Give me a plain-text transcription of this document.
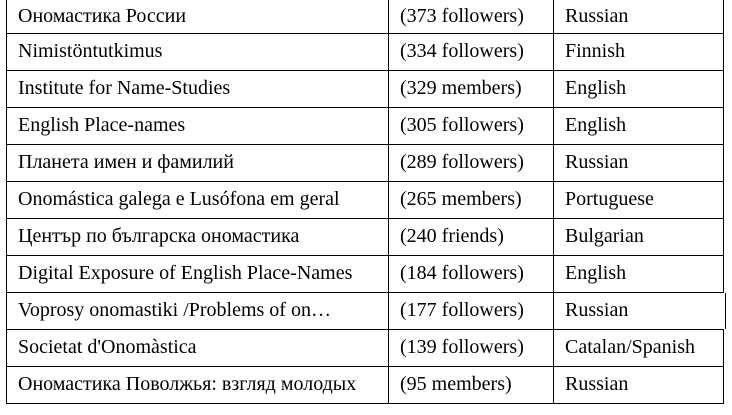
Ономастика России	(373 followers)	Russian
Nimistöntutkimus	(334 followers)	Finnish
Institute for Name-Studies	(329 members)	English
English Place-names	(305 followers)	English
Планета имен и фамилий	(289 followers)	Russian
Onomástica galega e Lusófona em geral	(265 members)	Portuguese
Център по българска ономастика	(240 friends)	Bulgarian
Digital Exposure of English Place-Names	(184 followers)	English
Voprosy onomastiki /Problems of on…	(177 followers)	Russian
Societat d'Onomàstica	(139 followers)	Catalan/Spanish
Ономастика Поволжья: взгляд молодых	(95 members)	Russian
